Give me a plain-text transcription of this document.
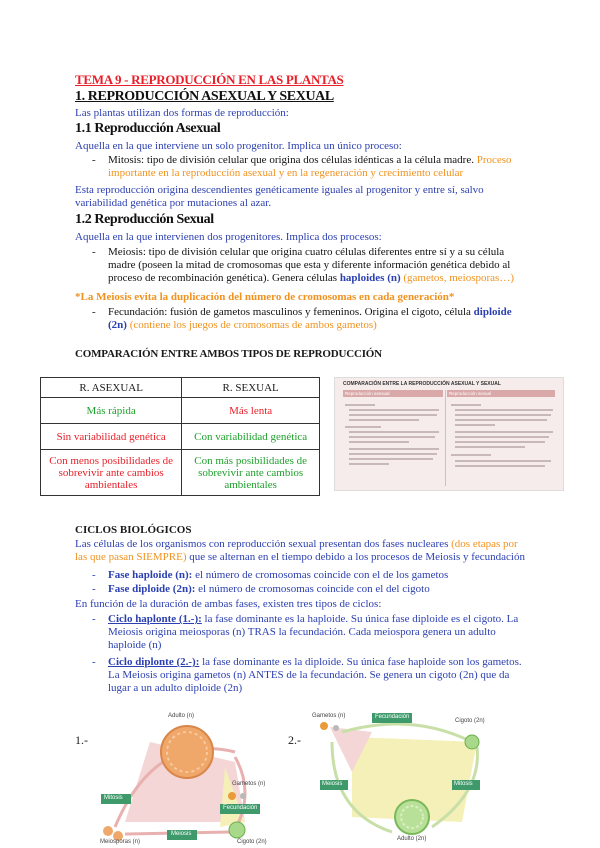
TEMA 9 - REPRODUCCIÓN EN LAS PLANTAS
1. REPRODUCCIÓN ASEXUAL Y SEXUAL
Las plantas utilizan dos formas de reproducción:
1.1 Reproducción Asexual
Aquella en la que interviene un solo progenitor. Implica un único proceso:
- Mitosis: tipo de división celular que origina dos células idénticas a la célula madre. Proceso importante en la reproducción asexual y en la regeneración y crecimiento celular
Esta reproducción origina descendientes genéticamente iguales al progenitor y entre sí, salvo variabilidad genética por mutaciones al azar.
1.2 Reproducción Sexual
Aquella en la que intervienen dos progenitores. Implica dos procesos:
- Meiosis: tipo de división celular que origina cuatro células diferentes entre sí y a su célula madre (poseen la mitad de cromosomas que esta y diferente información genética debido al proceso de recombinación genética). Genera células haploides (n) (gametos, meiosporas…)
*La Meiosis evita la duplicación del número de cromosomas en cada generación*
- Fecundación: fusión de gametos masculinos y femeninos. Origina el cigoto, célula diploide (2n) (contiene los juegos de cromosomas de ambos gametos)
COMPARACIÓN ENTRE AMBOS TIPOS DE REPRODUCCIÓN
R. ASEXUAL	R. SEXUAL
Más rápida	Más lenta
Sin variabilidad genética	Con variabilidad genética
Con menos posibilidades de sobrevivir ante cambios ambientales	Con más posibilidades de sobrevivir ante cambios ambientales
COMPARACIÓN ENTRE LA REPRODUCCIÓN ASEXUAL Y SEXUAL
Reproducción asexual	Reproducción sexual
CICLOS BIOLÓGICOS
Las células de los organismos con reproducción sexual presentan dos fases nucleares (dos etapas por las que pasan SIEMPRE) que se alternan en el tiempo debido a los procesos de Meiosis y fecundación
- Fase haploide (n): el número de cromosomas coincide con el de los gametos
- Fase diploide (2n): el número de cromosomas coincide con el del cigoto
En función de la duración de ambas fases, existen tres tipos de ciclos:
- Ciclo haplonte (1.-): la fase dominante es la haploide. Su única fase diploide es el cigoto. La Meiosis origina meiosporas (n) TRAS la fecundación. Cada meiospora genera un adulto haploide (n)
- Ciclo diplonte (2.-): la fase dominante es la diploide. Su única fase haploide son los gametos. La Meiosis origina gametos (n) ANTES de la fecundación. Se genera un cigoto (2n) que da lugar a un adulto diploide (2n)
1.-
Adulto (n)
Gametos (n)
Mitosis
Fecundación
Meiosis
Meiosporas (n)	Cigoto (2n)
2.-
Gametos (n)
Cigoto (2n)
Fecundación
Meiosis	Mitosis
Adulto (2n)
